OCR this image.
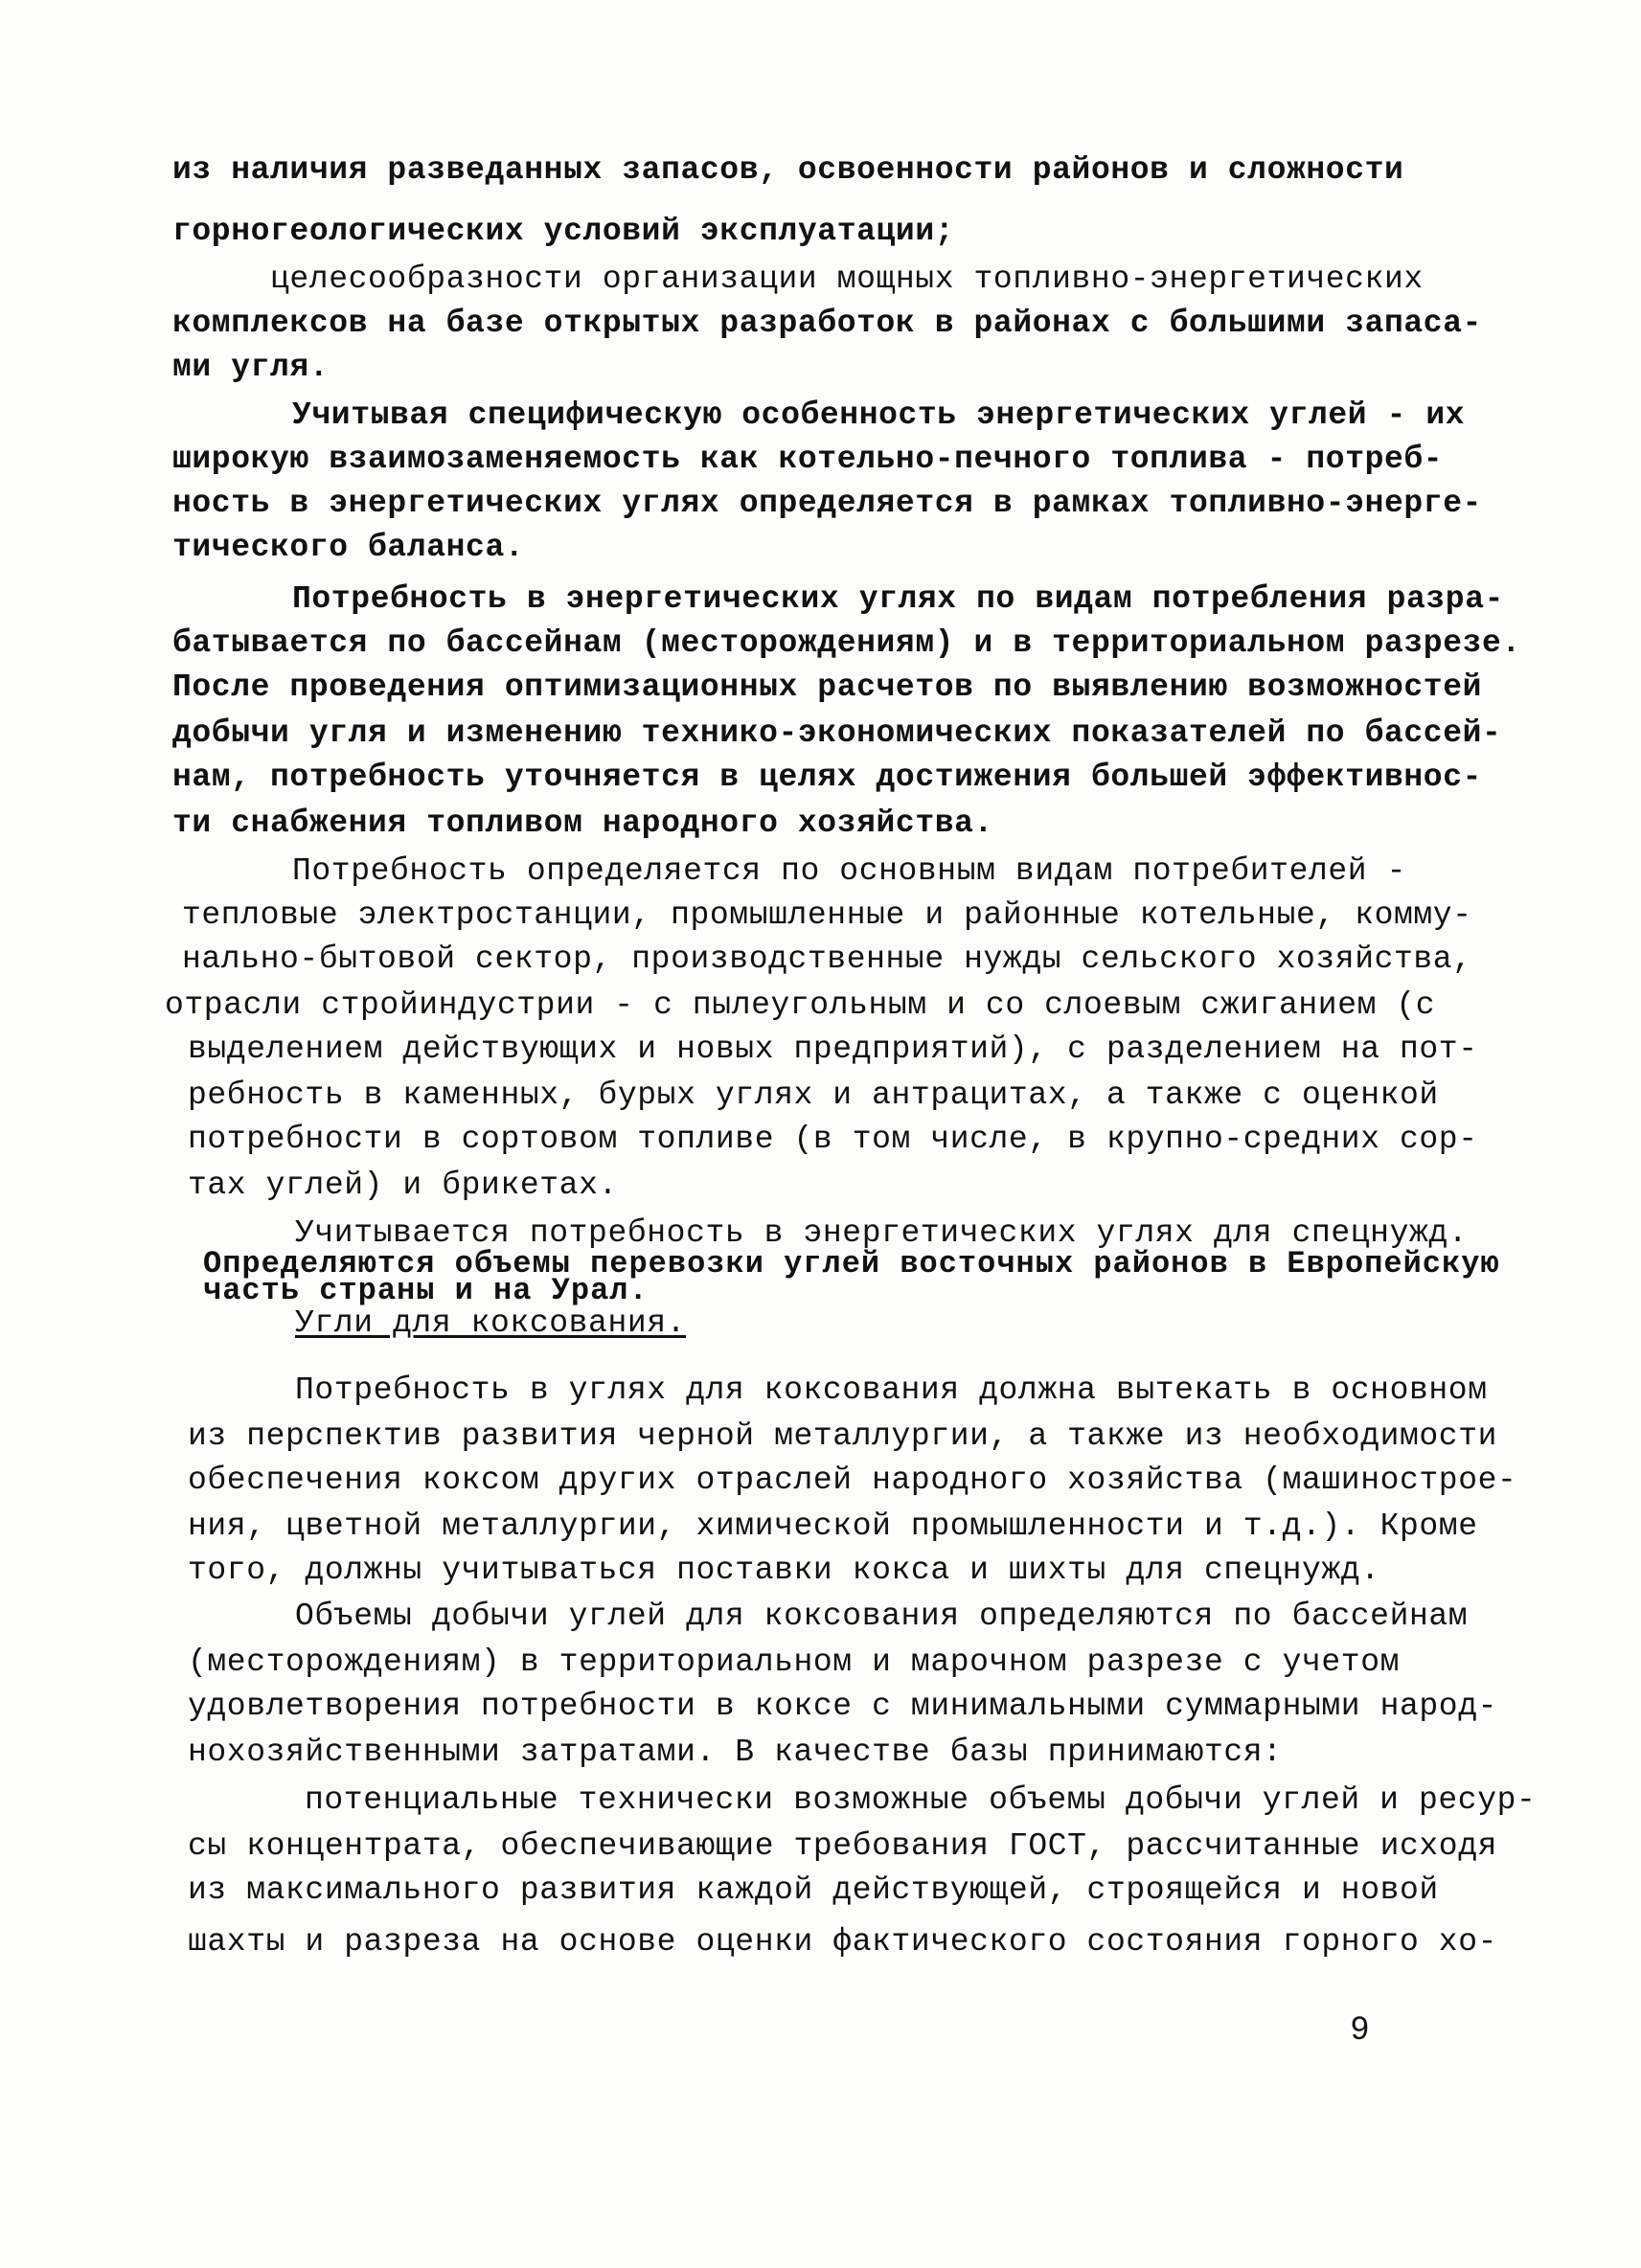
из наличия разведанных запасов, освоенности районов и сложности
горногеологических условий эксплуатации;
целесообразности организации мощных топливно-энергетических
комплексов на базе открытых разработок в районах с большими запаса-
ми угля.
Учитывая специфическую особенность энергетических углей - их
широкую взаимозаменяемость как котельно-печного топлива - потреб-
ность в энергетических углях определяется в рамках топливно-энерге-
тического баланса.
Потребность в энергетических углях по видам потребления разра-
батывается по бассейнам (месторождениям) и в территориальном разрезе.
После проведения оптимизационных расчетов по выявлению возможностей
добычи угля и изменению технико-экономических показателей по бассей-
нам, потребность уточняется в целях достижения большей эффективнос-
ти снабжения топливом народного хозяйства.
Потребность определяется по основным видам потребителей -
тепловые электростанции, промышленные и районные котельные, комму-
нально-бытовой сектор, производственные нужды сельского хозяйства,
отрасли стройиндустрии - с пылеугольным и со слоевым сжиганием (с
выделением действующих и новых предприятий), с разделением на пот-
ребность в каменных, бурых углях и антрацитах, а также с оценкой
потребности в сортовом топливе (в том числе, в крупно-средних сор-
тах углей) и брикетах.
Учитывается потребность в энергетических углях для спецнужд.
Определяются объемы перевозки углей восточных районов в Европейскую
часть страны и на Урал.
Угли для коксования.
Потребность в углях для коксования должна вытекать в основном
из перспектив развития черной металлургии, а также из необходимости
обеспечения коксом других отраслей народного хозяйства (машинострое-
ния, цветной металлургии, химической промышленности и т.д.). Кроме
того, должны учитываться поставки кокса и шихты для спецнужд.
Объемы добычи углей для коксования определяются по бассейнам
(месторождениям) в территориальном и марочном разрезе с учетом
удовлетворения потребности в коксе с минимальными суммарными народ-
нохозяйственными затратами. В качестве базы принимаются:
потенциальные технически возможные объемы добычи углей и ресур-
сы концентрата, обеспечивающие требования ГОСТ, рассчитанные исходя
из максимального развития каждой действующей, строящейся и новой
шахты и разреза на основе оценки фактического состояния горного хо-
9
